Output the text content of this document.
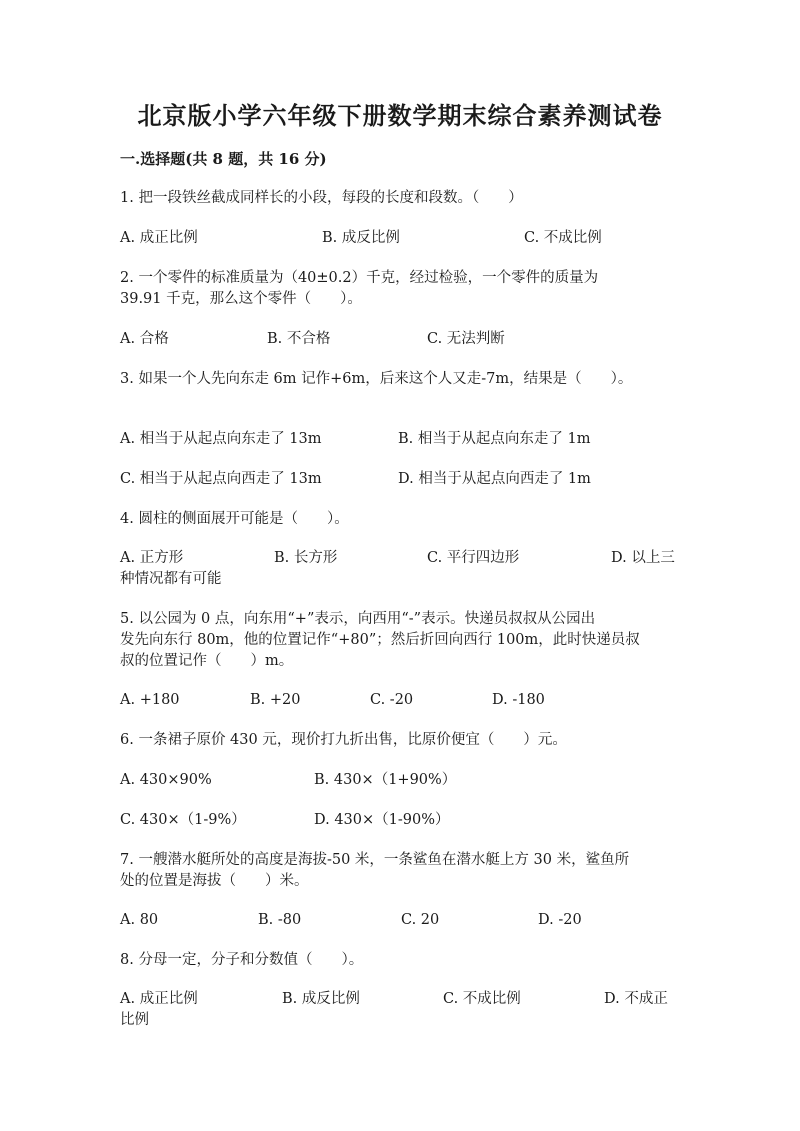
北京版小学六年级下册数学期末综合素养测试卷
一.选择题(共 8 题，共 16 分)
1. 把一段铁丝截成同样长的小段，每段的长度和段数。（　　）
A. 成正比例	B. 成反比例	C. 不成比例
2. 一个零件的标准质量为（40±0.2）千克，经过检验，一个零件的质量为
39.91 千克，那么这个零件（　　）。
A. 合格	B. 不合格	C. 无法判断
3. 如果一个人先向东走 6m 记作+6m，后来这个人又走-7m，结果是（　　）。
A. 相当于从起点向东走了 13m	B. 相当于从起点向东走了 1m
C. 相当于从起点向西走了 13m	D. 相当于从起点向西走了 1m
4. 圆柱的侧面展开可能是（　　）。
A. 正方形	B. 长方形	C. 平行四边形	D. 以上三
种情况都有可能
5. 以公园为 0 点，向东用“+”表示，向西用“-”表示。快递员叔叔从公园出
发先向东行 80m，他的位置记作“+80”；然后折回向西行 100m，此时快递员叔
叔的位置记作（　　）m。
A. +180	B. +20	C. -20	D. -180
6. 一条裙子原价 430 元，现价打九折出售，比原价便宜（　　）元。
A. 430×90%	B. 430×（1+90%）
C. 430×（1-9%）	D. 430×（1-90%）
7. 一艘潜水艇所处的高度是海拔-50 米，一条鲨鱼在潜水艇上方 30 米，鲨鱼所
处的位置是海拔（　　）米。
A. 80	B. -80	C. 20	D. -20
8. 分母一定，分子和分数值（　　）。
A. 成正比例	B. 成反比例	C. 不成比例	D. 不成正
比例
